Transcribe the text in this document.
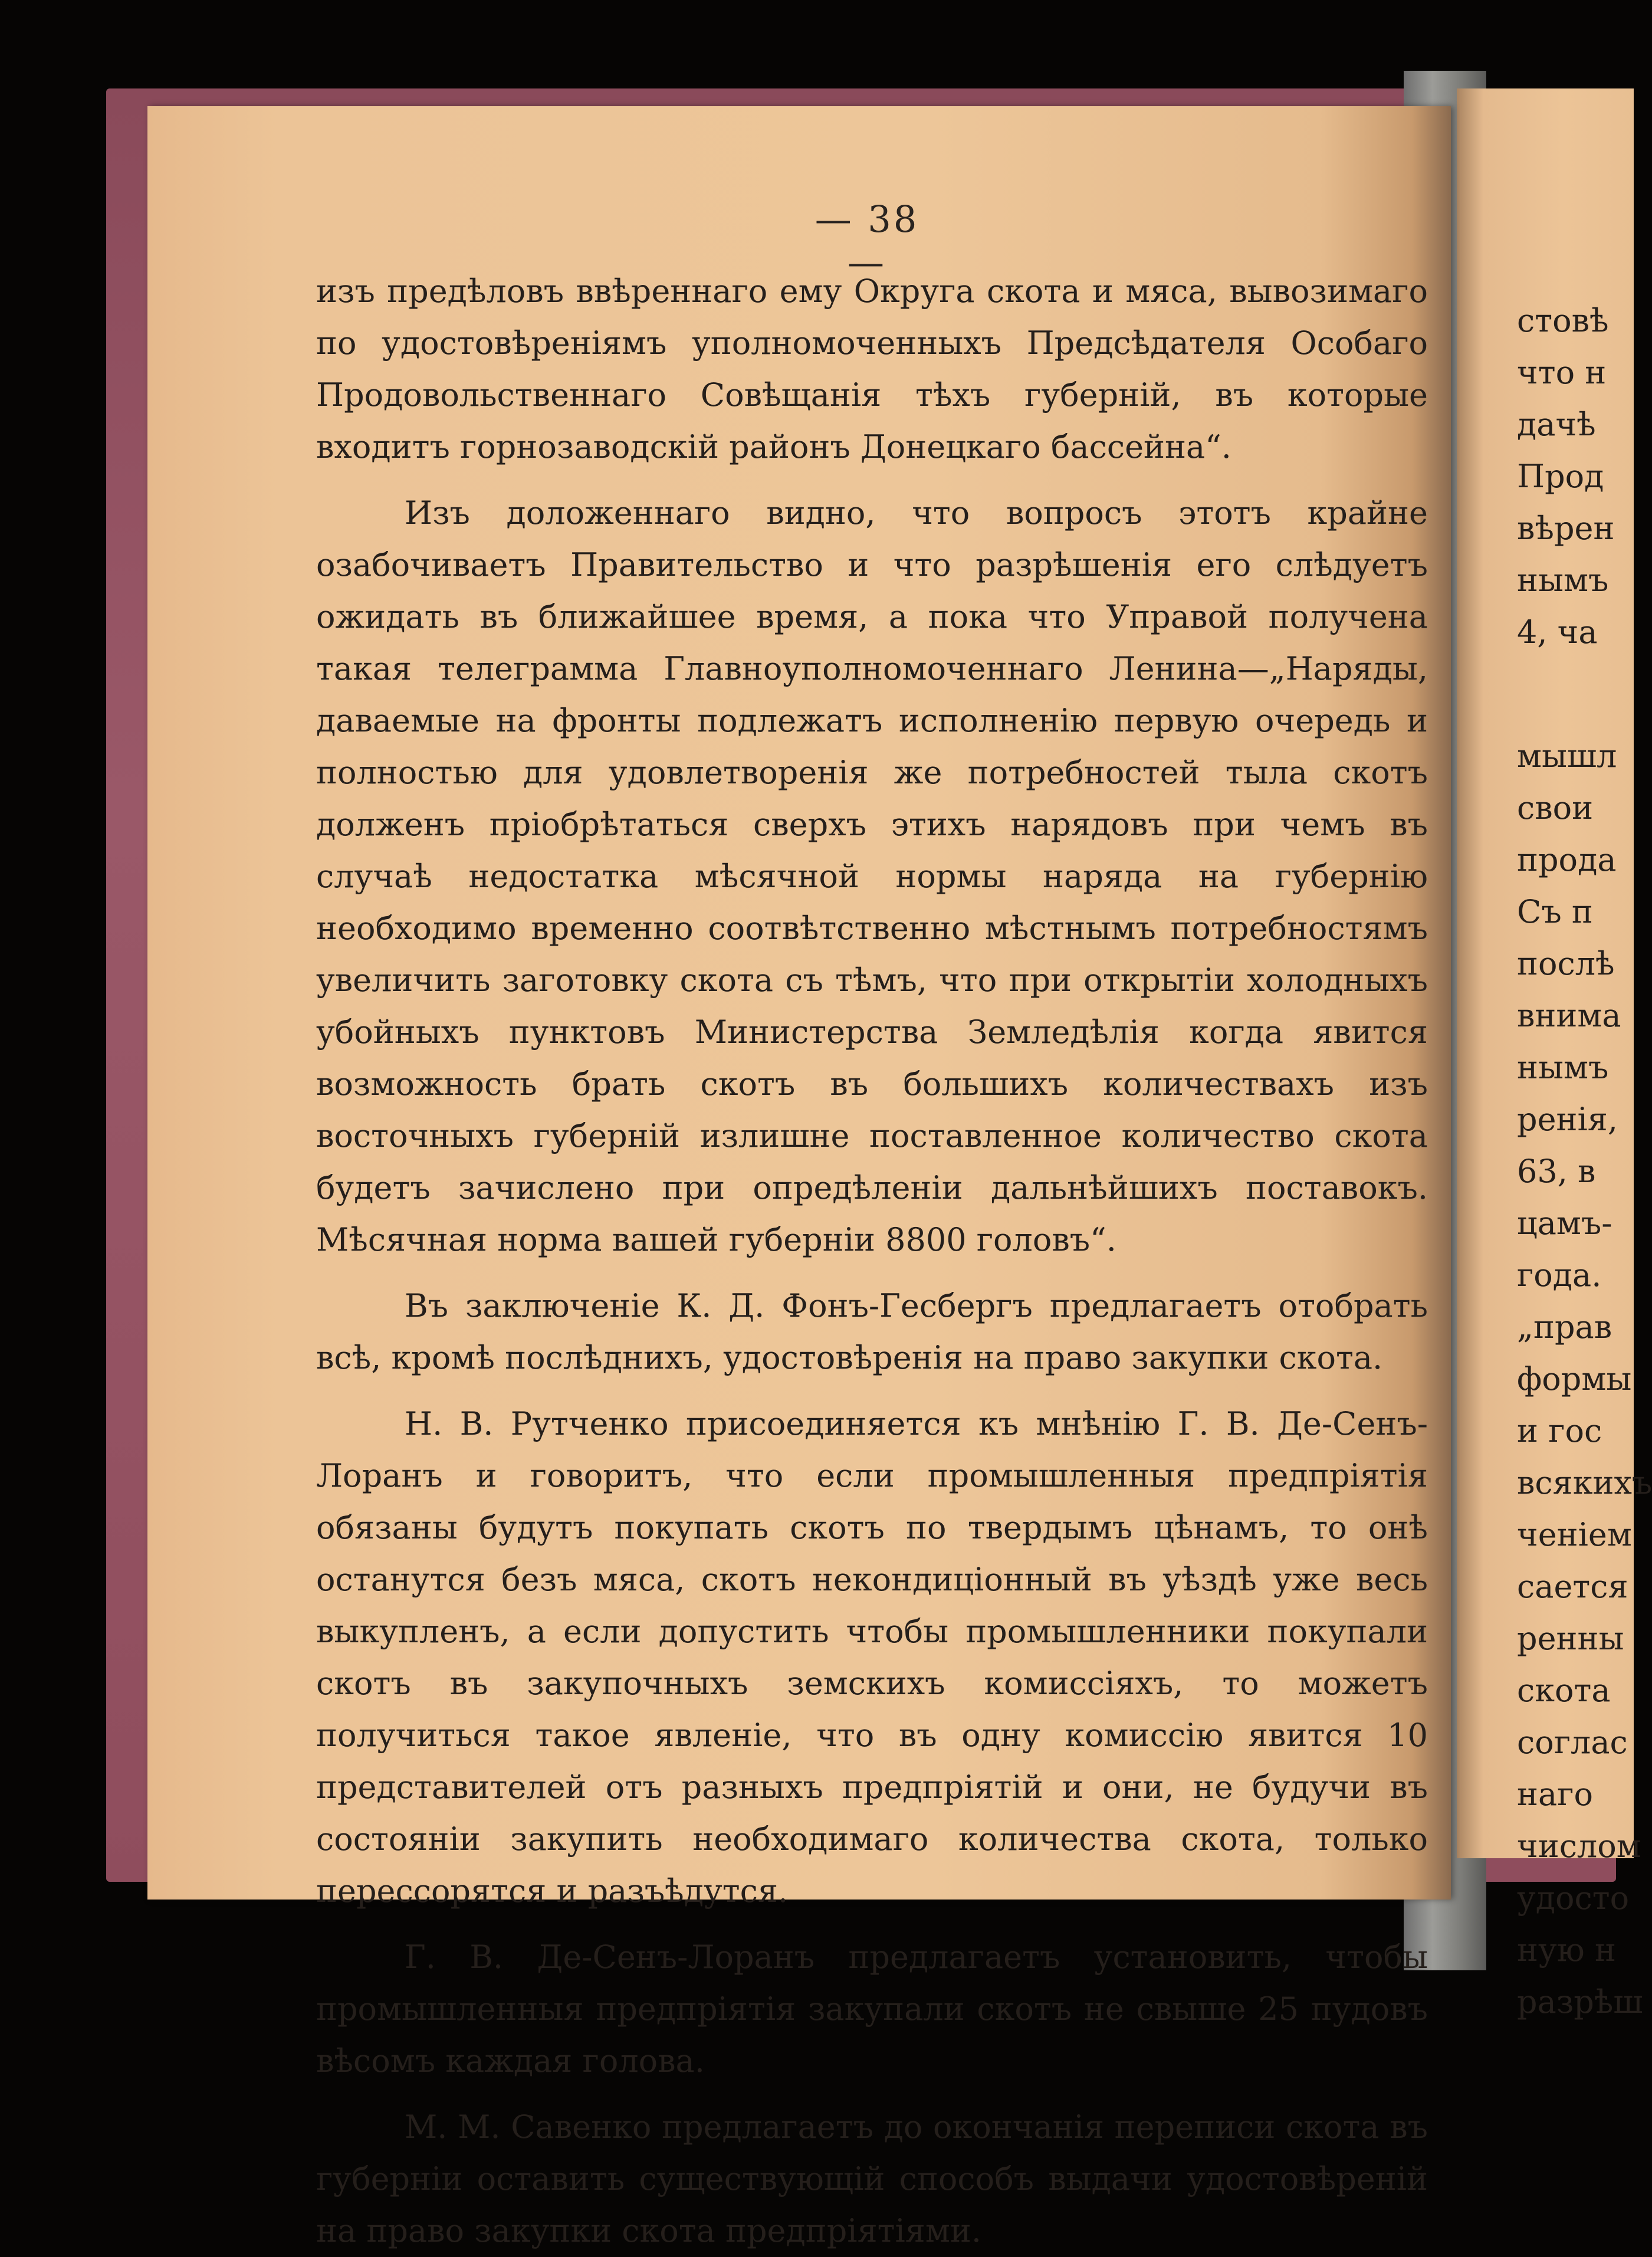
— 38 —

изъ предѣловъ ввѣреннаго ему Округа скота и мяса, вывозимаго по удостовѣреніямъ уполномоченныхъ Предсѣдателя Особаго Продовольственнаго Совѣщанія тѣхъ губерній, въ которые входитъ горнозаводскій районъ Донецкаго бассейна“.

Изъ доложеннаго видно, что вопросъ этотъ крайне озабочиваетъ Правительство и что разрѣшенія его слѣдуетъ ожидать въ ближайшее время, а пока что Управой получена такая телеграмма Главноуполномоченнаго Ленина—„Наряды, даваемые на фронты подлежатъ исполненію первую очередь и полностью для удовлетворенія же потребностей тыла скотъ долженъ пріобрѣтаться сверхъ этихъ нарядовъ при чемъ въ случаѣ недостатка мѣсячной нормы наряда на губернію необходимо временно соотвѣтственно мѣстнымъ потребностямъ увеличить заготовку скота съ тѣмъ, что при открытіи холодныхъ убойныхъ пунктовъ Министерства Земледѣлія когда явится возможность брать скотъ въ большихъ количествахъ изъ восточныхъ губерній излишне поставленное количество скота будетъ зачислено при опредѣленіи дальнѣйшихъ поставокъ. Мѣсячная норма вашей губерніи 8800 головъ“.

Въ заключеніе К. Д. Фонъ-Гесбергъ предлагаетъ отобрать всѣ, кромѣ послѣднихъ, удостовѣренія на право закупки скота.

Н. В. Рутченко присоединяется къ мнѣнію Г. В. Де-Сенъ-Лоранъ и говоритъ, что если промышленныя предпріятія обязаны будутъ покупать скотъ по твердымъ цѣнамъ, то онѣ останутся безъ мяса, скотъ некондиціонный въ уѣздѣ уже весь выкупленъ, а если допустить чтобы промышленники покупали скотъ въ закупочныхъ земскихъ комиссіяхъ, то можетъ получиться такое явленіе, что въ одну комиссію явится 10 представителей отъ разныхъ предпріятій и они, не будучи въ состояніи закупить необходимаго количества скота, только перессорятся и разъѣдутся.

Г. В. Де-Сенъ-Лоранъ предлагаетъ установить, чтобы промышленныя предпріятія закупали скотъ не свыше 25 пудовъ вѣсомъ каждая голова.

М. М. Савенко предлагаетъ до окончанія переписи скота въ губерніи оставить существующій способъ выдачи удостовѣреній на право закупки скота предпріятіями.

стовѣ
что н
дачѣ
Прод
вѣрен
нымъ
4, ча
мышл
свои
прода
Съ п
послѣ
внима
нымъ
ренія,
63, в
цамъ-
года.
„прав
формы
и гос
всякихъ
ченіем
сается
ренны
скота
соглас
наго
числом
удосто
ную н
разрѣш
